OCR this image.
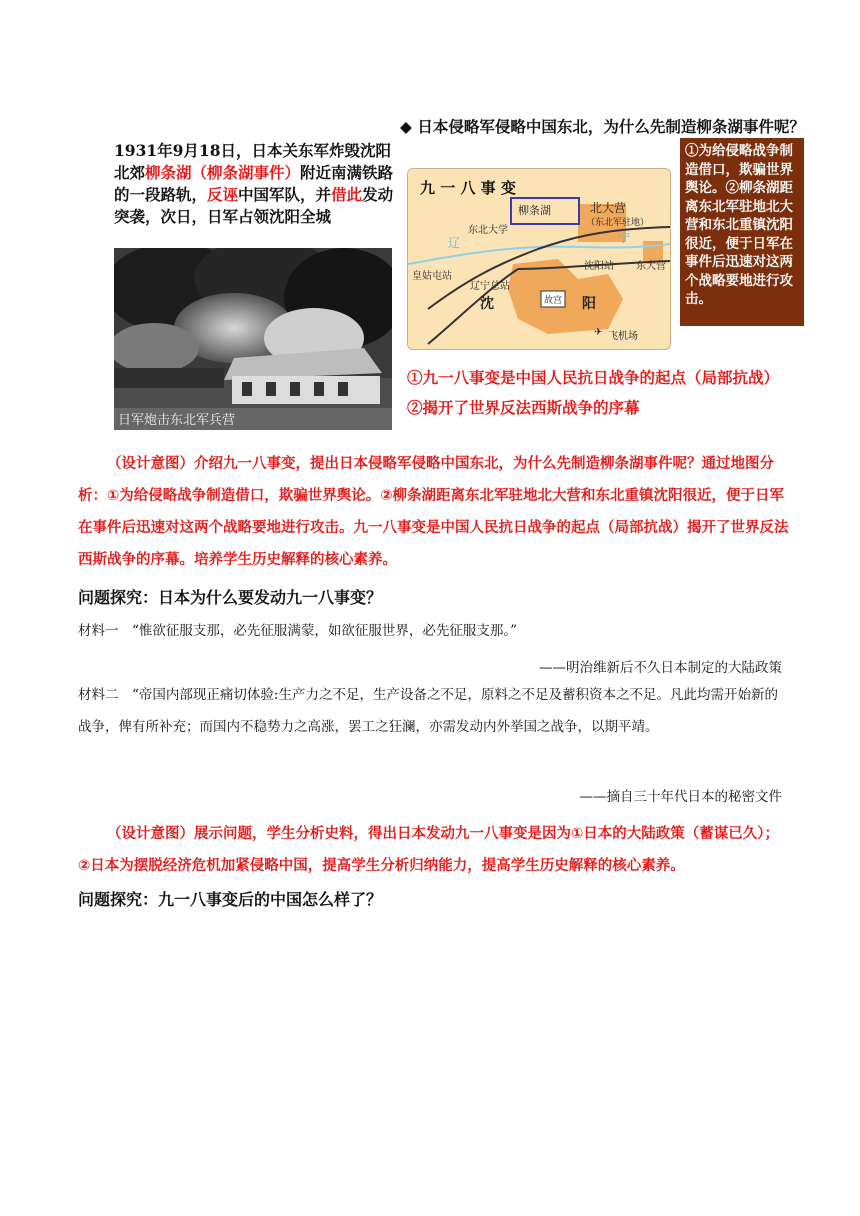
1931年9月18日，日本关东军炸毁沈阳北郊柳条湖（柳条湖事件）附近南满铁路的一段路轨，反诬中国军队，并借此发动突袭，次日，日军占领沈阳全城
日军炮击东北军兵营
◆ 日本侵略军侵略中国东北，为什么先制造柳条湖事件呢？
九 一 八 事 变
柳条湖	北大营
（东北军驻地）
东北大学
辽	宁
皇姑屯站
沈阳站 东大营
辽宁总站
沈	阳
故宫
✈ 飞机场
①为给侵略战争制造借口，欺骗世界舆论。②柳条湖距离东北军驻地北大营和东北重镇沈阳很近，便于日军在事件后迅速对这两个战略要地进行攻击。
①九一八事变是中国人民抗日战争的起点（局部抗战）
②揭开了世界反法西斯战争的序幕
（设计意图）介绍九一八事变，提出日本侵略军侵略中国东北，为什么先制造柳条湖事件呢？通过地图分析：①为给侵略战争制造借口，欺骗世界舆论。②柳条湖距离东北军驻地北大营和东北重镇沈阳很近，便于日军在事件后迅速对这两个战略要地进行攻击。九一八事变是中国人民抗日战争的起点（局部抗战）揭开了世界反法西斯战争的序幕。培养学生历史解释的核心素养。
问题探究：日本为什么要发动九一八事变？
材料一　“惟欲征服支那，必先征服满蒙，如欲征服世界，必先征服支那。”
——明治维新后不久日本制定的大陆政策
材料二　“帝国内部现正痛切体验:生产力之不足，生产设备之不足，原料之不足及蓄积资本之不足。凡此均需开始新的战争，俾有所补充；而国内不稳势力之高涨，罢工之狂澜，亦需发动内外挙国之战争，以期平靖。
——摘自三十年代日本的秘密文件
（设计意图）展示问题，学生分析史料，得出日本发动九一八事变是因为①日本的大陆政策（蓄谋已久）；②日本为摆脱经济危机加紧侵略中国，提高学生分析归纳能力，提高学生历史解释的核心素养。
问题探究：九一八事变后的中国怎么样了？
